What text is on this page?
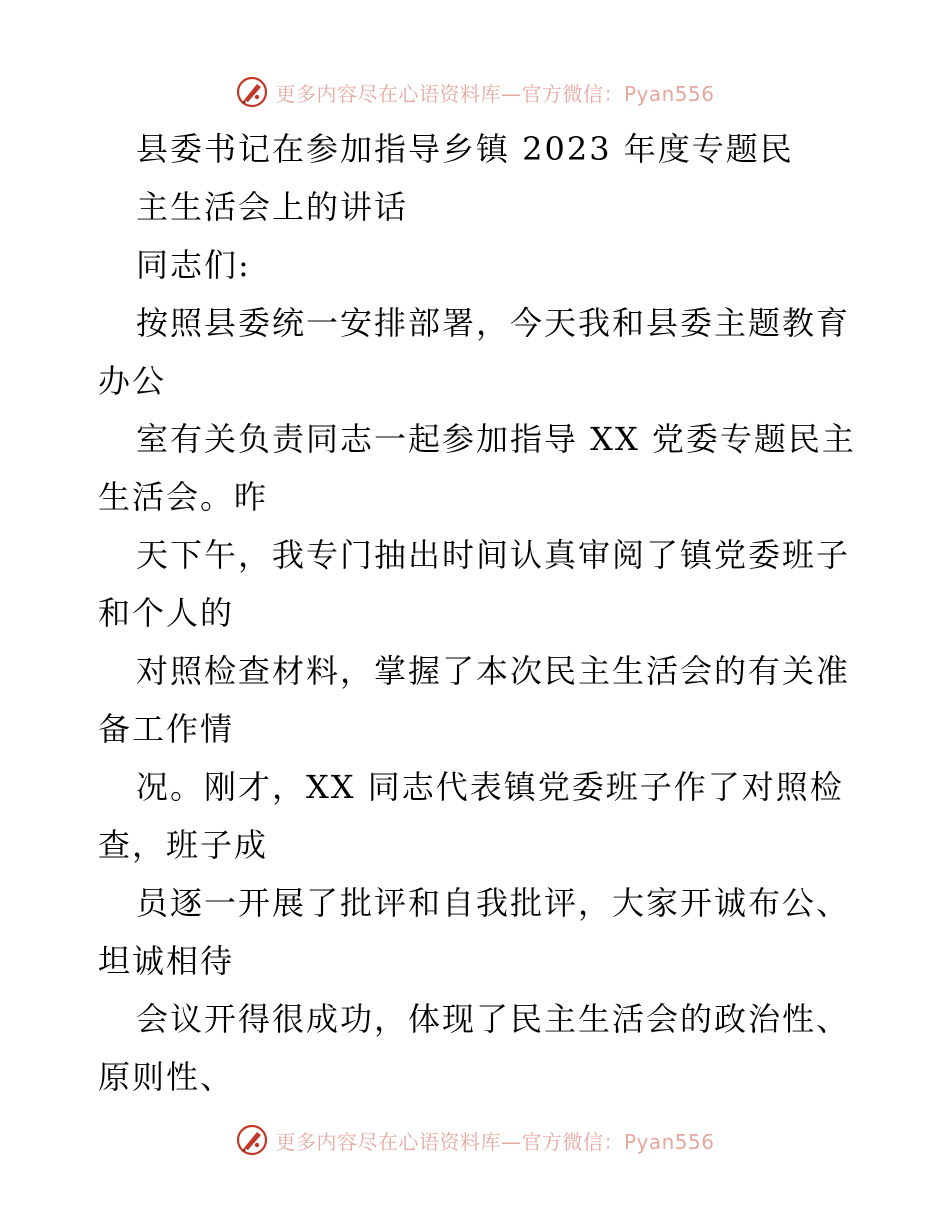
更多内容尽在心语资料库—官方微信：Pyan556
县委书记在参加指导乡镇 2023 年度专题民
主生活会上的讲话
同志们:
按照县委统一安排部署，今天我和县委主题教育
办公
室有关负责同志一起参加指导 XX 党委专题民主
生活会。昨
天下午，我专门抽出时间认真审阅了镇党委班子
和个人的
对照检查材料，掌握了本次民主生活会的有关准
备工作情
况。刚才，XX 同志代表镇党委班子作了对照检
查，班子成
员逐一开展了批评和自我批评，大家开诚布公、
坦诚相待
会议开得很成功，体现了民主生活会的政治性、
原则性、
更多内容尽在心语资料库—官方微信：Pyan556
